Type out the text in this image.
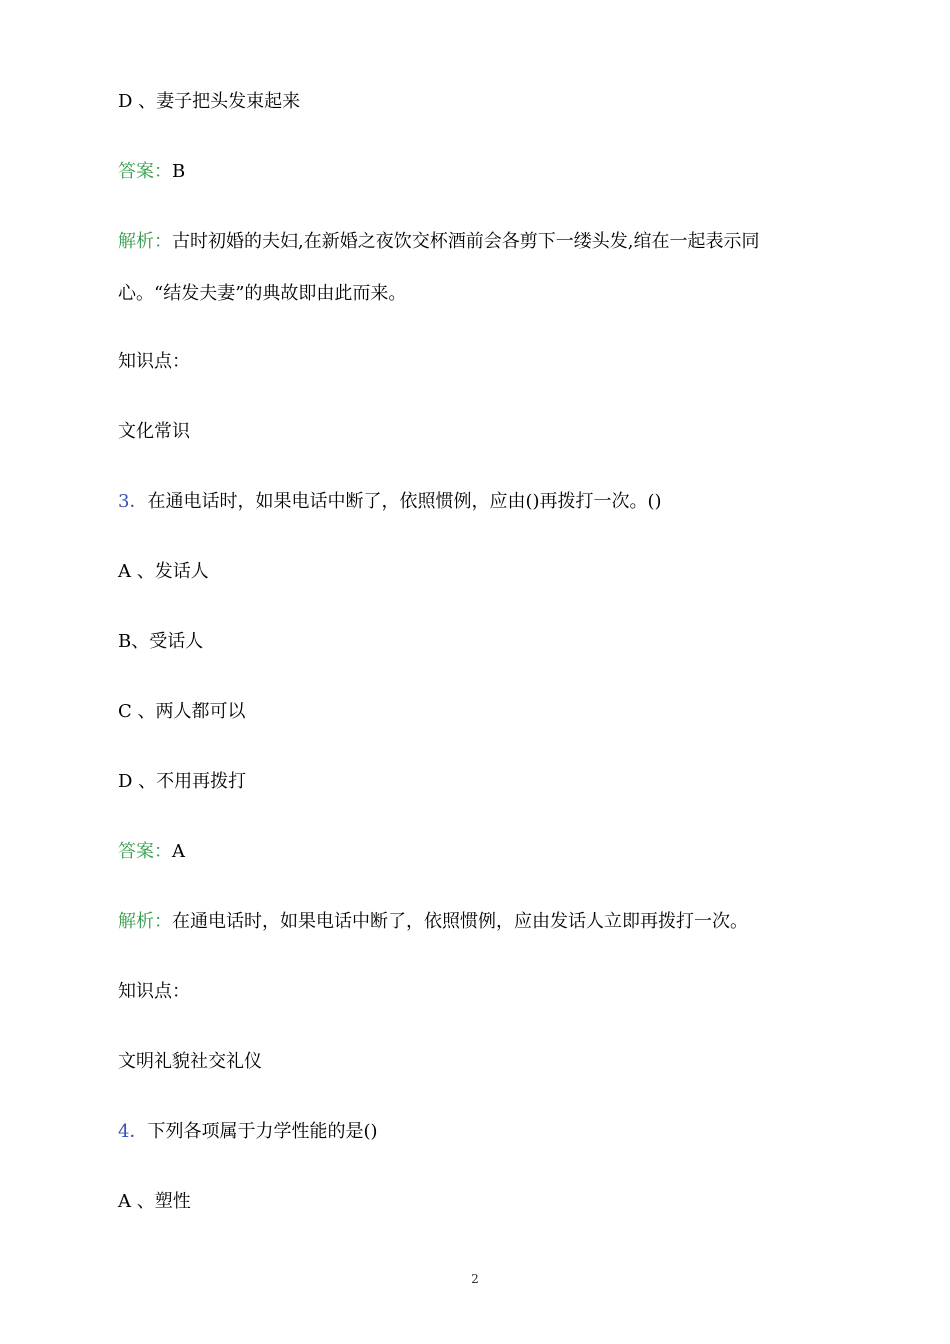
D 、妻子把头发束起来
答案：B
解析：古时初婚的夫妇,在新婚之夜饮交杯酒前会各剪下一缕头发,绾在一起表示同
心。“结发夫妻”的典故即由此而来。
知识点：
文化常识
3．在通电话时，如果电话中断了，依照惯例，应由()再拨打一次。()
A 、发话人
B、受话人
C 、两人都可以
D 、不用再拨打
答案：A
解析：在通电话时，如果电话中断了，依照惯例，应由发话人立即再拨打一次。
知识点：
文明礼貌社交礼仪
4．下列各项属于力学性能的是()
A 、塑性
2
